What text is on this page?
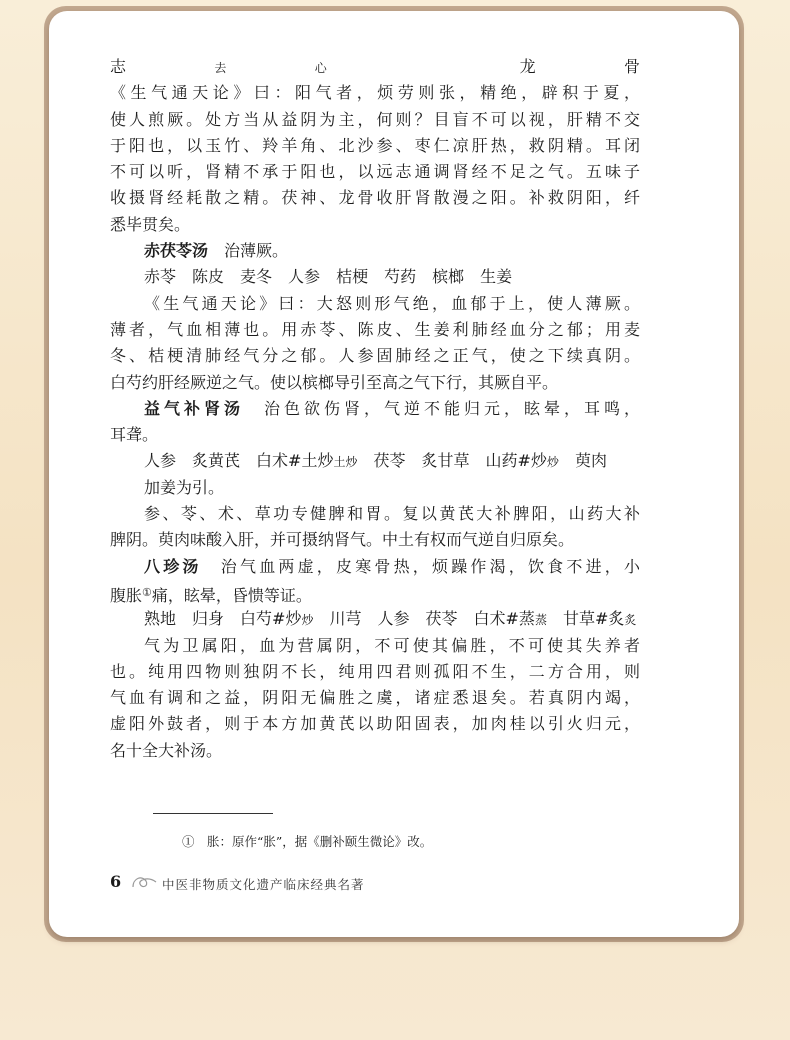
志去心　龙骨
《生气通天论》曰：阳气者，烦劳则张，精绝，辟积于夏，
使人煎厥。处方当从益阴为主，何则？目盲不可以视，肝精不交
于阳也，以玉竹、羚羊角、北沙参、枣仁凉肝热，救阴精。耳闭
不可以听，肾精不承于阳也，以远志通调肾经不足之气。五味子
收摄肾经耗散之精。茯神、龙骨收肝肾散漫之阳。补救阴阳，纤
悉毕贯矣。
赤茯苓汤　治薄厥。
赤苓 陈皮 麦冬 人参 桔梗 芍药 槟榔 生姜
《生气通天论》曰：大怒则形气绝，血郁于上，使人薄厥。
薄者，气血相薄也。用赤苓、陈皮、生姜利肺经血分之郁；用麦
冬、桔梗清肺经气分之郁。人参固肺经之正气，使之下续真阴。
白芍约肝经厥逆之气。使以槟榔导引至高之气下行，其厥自平。
益气补肾汤　治色欲伤肾，气逆不能归元，眩晕，耳鸣，
耳聋。
人参 炙黄芪 白术#土炒土炒 茯苓 炙甘草 山药#炒炒 萸肉
加姜为引。
参、苓、术、草功专健脾和胃。复以黄芪大补脾阳，山药大补
脾阴。萸肉味酸入肝，并可摄纳肾气。中土有权而气逆自归原矣。
八珍汤　治气血两虚，皮寒骨热，烦躁作渴，饮食不进，小
腹胀①痛，眩晕，昏愦等证。
熟地 归身 白芍#炒炒 川芎 人参 茯苓 白术#蒸蒸 甘草#炙炙
气为卫属阳，血为营属阴，不可使其偏胜，不可使其失养者
也。纯用四物则独阴不长，纯用四君则孤阳不生，二方合用，则
气血有调和之益，阴阳无偏胜之虞，诸症悉退矣。若真阴内竭，
虚阳外鼓者，则于本方加黄芪以助阳固表，加肉桂以引火归元，
名十全大补汤。
①　胀：原作“胀”，据《删补颐生微论》改。
6	中医非物质文化遗产临床经典名著
